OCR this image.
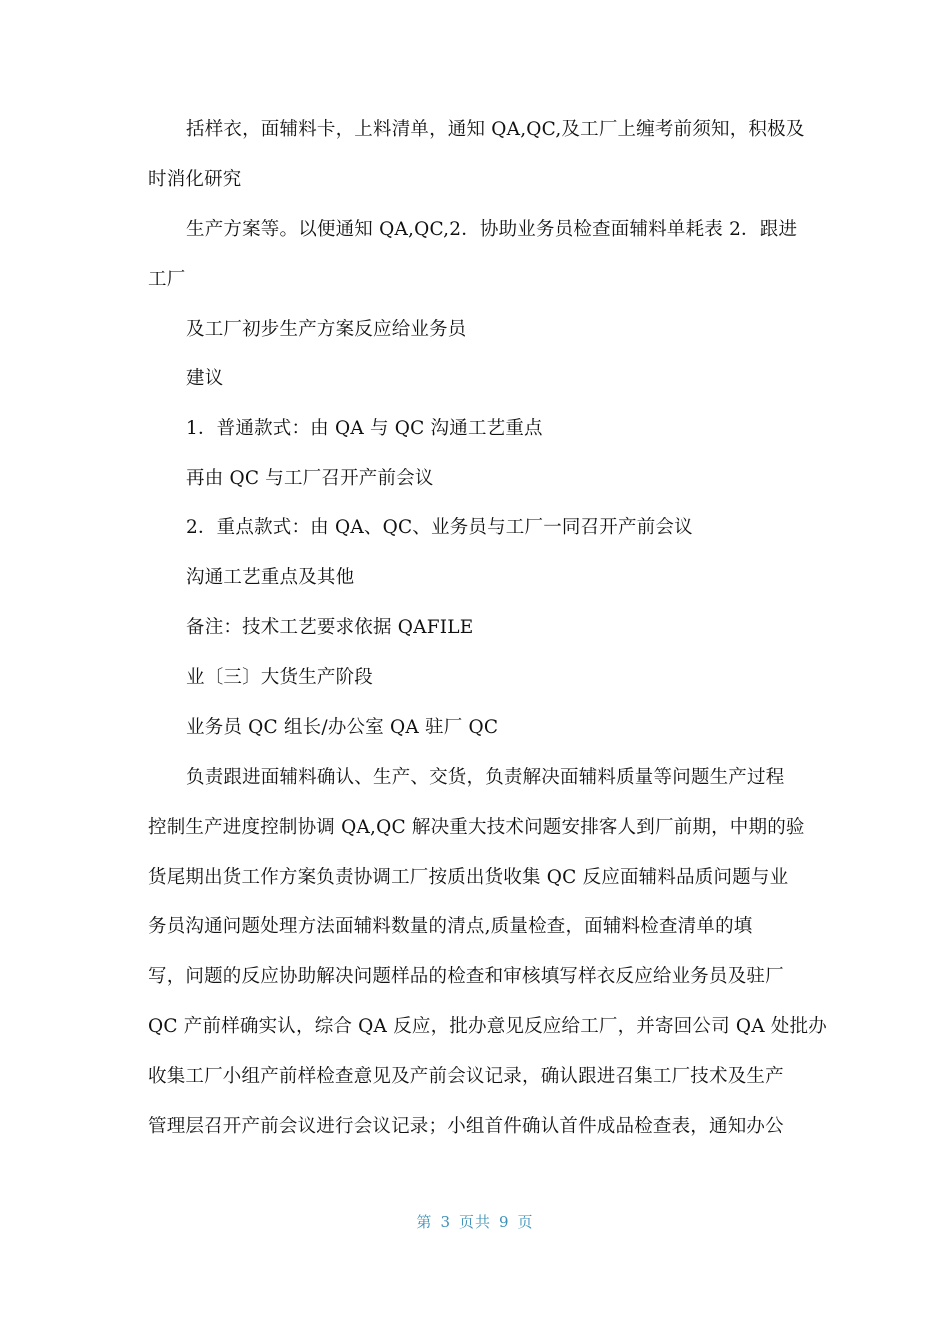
括样衣，面辅料卡，上料清单，通知 QA,QC,及工厂上缠考前须知，积极及
时消化研究
生产方案等。以便通知 QA,QC,2．协助业务员检查面辅料单耗表 2．跟进
工厂
及工厂初步生产方案反应给业务员
建议
1．普通款式：由 QA 与 QC 沟通工艺重点
再由 QC 与工厂召开产前会议
2．重点款式：由 QA、QC、业务员与工厂一同召开产前会议
沟通工艺重点及其他
备注：技术工艺要求依据 QAFILE
业〔三〕大货生产阶段
业务员 QC 组长/办公室 QA 驻厂 QC
负责跟进面辅料确认、生产、交货，负责解决面辅料质量等问题生产过程
控制生产进度控制协调 QA,QC 解决重大技术问题安排客人到厂前期，中期的验
货尾期出货工作方案负责协调工厂按质出货收集 QC 反应面辅料品质问题与业
务员沟通问题处理方法面辅料数量的清点,质量检查，面辅料检查清单的填
写，问题的反应协助解决问题样品的检查和审核填写样衣反应给业务员及驻厂
QC 产前样确实认，综合 QA 反应，批办意见反应给工厂，并寄回公司 QA 处批办
收集工厂小组产前样检查意见及产前会议记录，确认跟进召集工厂技术及生产
管理层召开产前会议进行会议记录；小组首件确认首件成品检查表，通知办公
第 3 页共 9 页
